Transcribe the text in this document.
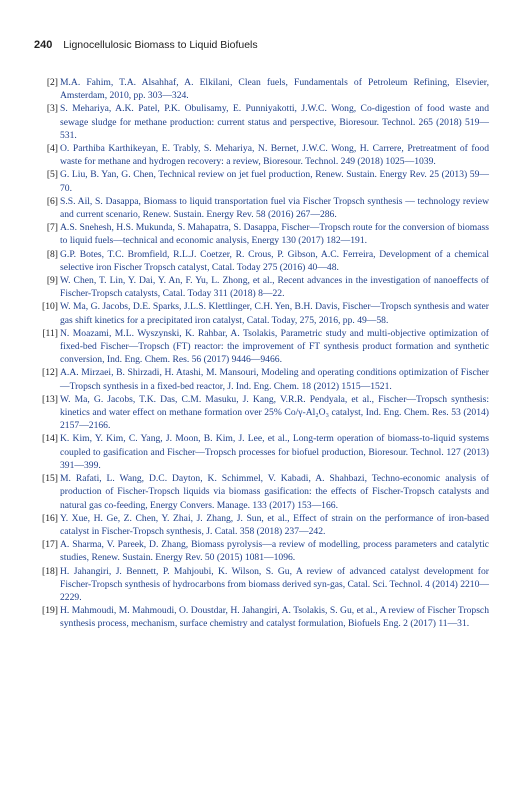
240 Lignocellulosic Biomass to Liquid Biofuels

[2] M.A. Fahim, T.A. Alsahhaf, A. Elkilani, Clean fuels, Fundamentals of Petroleum Refining, Elsevier, Amsterdam, 2010, pp. 303—324.

[3] S. Mehariya, A.K. Patel, P.K. Obulisamy, E. Punniyakotti, J.W.C. Wong, Co-digestion of food waste and sewage sludge for methane production: current status and perspective, Bioresour. Technol. 265 (2018) 519—531.

[4] O. Parthiba Karthikeyan, E. Trably, S. Mehariya, N. Bernet, J.W.C. Wong, H. Carrere, Pretreatment of food waste for methane and hydrogen recovery: a review, Bioresour. Technol. 249 (2018) 1025—1039.

[5] G. Liu, B. Yan, G. Chen, Technical review on jet fuel production, Renew. Sustain. Energy Rev. 25 (2013) 59—70.

[6] S.S. Ail, S. Dasappa, Biomass to liquid transportation fuel via Fischer Tropsch synthesis — technology review and current scenario, Renew. Sustain. Energy Rev. 58 (2016) 267—286.

[7] A.S. Snehesh, H.S. Mukunda, S. Mahapatra, S. Dasappa, Fischer—Tropsch route for the conversion of biomass to liquid fuels—technical and economic analysis, Energy 130 (2017) 182—191.

[8] G.P. Botes, T.C. Bromfield, R.L.J. Coetzer, R. Crous, P. Gibson, A.C. Ferreira, Development of a chemical selective iron Fischer Tropsch catalyst, Catal. Today 275 (2016) 40—48.

[9] W. Chen, T. Lin, Y. Dai, Y. An, F. Yu, L. Zhong, et al., Recent advances in the investigation of nanoeffects of Fischer-Tropsch catalysts, Catal. Today 311 (2018) 8—22.

[10] W. Ma, G. Jacobs, D.E. Sparks, J.L.S. Klettlinger, C.H. Yen, B.H. Davis, Fischer—Tropsch synthesis and water gas shift kinetics for a precipitated iron catalyst, Catal. Today, 275, 2016, pp. 49—58.

[11] N. Moazami, M.L. Wyszynski, K. Rahbar, A. Tsolakis, Parametric study and multi-objective optimization of fixed-bed Fischer—Tropsch (FT) reactor: the improvement of FT synthesis product formation and synthetic conversion, Ind. Eng. Chem. Res. 56 (2017) 9446—9466.

[12] A.A. Mirzaei, B. Shirzadi, H. Atashi, M. Mansouri, Modeling and operating conditions optimization of Fischer—Tropsch synthesis in a fixed-bed reactor, J. Ind. Eng. Chem. 18 (2012) 1515—1521.

[13] W. Ma, G. Jacobs, T.K. Das, C.M. Masuku, J. Kang, V.R.R. Pendyala, et al., Fischer—Tropsch synthesis: kinetics and water effect on methane formation over 25% Co/γ-Al₂O₃ catalyst, Ind. Eng. Chem. Res. 53 (2014) 2157—2166.

[14] K. Kim, Y. Kim, C. Yang, J. Moon, B. Kim, J. Lee, et al., Long-term operation of biomass-to-liquid systems coupled to gasification and Fischer—Tropsch processes for biofuel production, Bioresour. Technol. 127 (2013) 391—399.

[15] M. Rafati, L. Wang, D.C. Dayton, K. Schimmel, V. Kabadi, A. Shahbazi, Techno-economic analysis of production of Fischer-Tropsch liquids via biomass gasification: the effects of Fischer-Tropsch catalysts and natural gas co-feeding, Energy Convers. Manage. 133 (2017) 153—166.

[16] Y. Xue, H. Ge, Z. Chen, Y. Zhai, J. Zhang, J. Sun, et al., Effect of strain on the performance of iron-based catalyst in Fischer-Tropsch synthesis, J. Catal. 358 (2018) 237—242.

[17] A. Sharma, V. Pareek, D. Zhang, Biomass pyrolysis—a review of modelling, process parameters and catalytic studies, Renew. Sustain. Energy Rev. 50 (2015) 1081—1096.

[18] H. Jahangiri, J. Bennett, P. Mahjoubi, K. Wilson, S. Gu, A review of advanced catalyst development for Fischer-Tropsch synthesis of hydrocarbons from biomass derived syn-gas, Catal. Sci. Technol. 4 (2014) 2210—2229.

[19] H. Mahmoudi, M. Mahmoudi, O. Doustdar, H. Jahangiri, A. Tsolakis, S. Gu, et al., A review of Fischer Tropsch synthesis process, mechanism, surface chemistry and catalyst formulation, Biofuels Eng. 2 (2017) 11—31.
